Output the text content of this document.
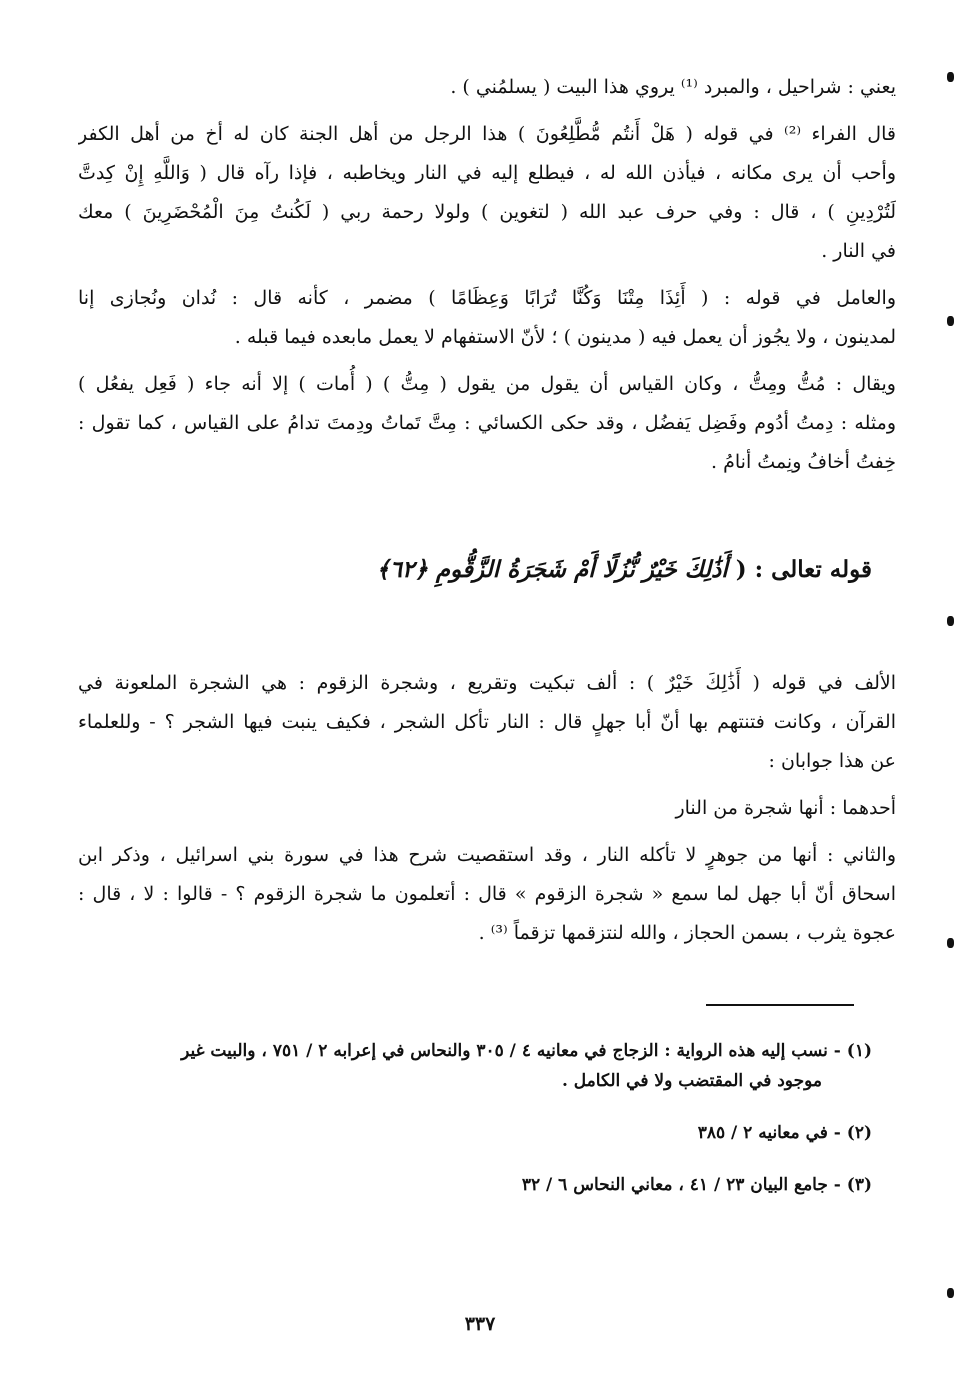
يعني : شراحيل ، والمبرد ⁽¹⁾ يروي هذا البيت ( يسلمُني ) .
قال الفراء ⁽²⁾ في قوله ( هَلْ أَنتُم مُّطَّلِعُونَ ) هذا الرجل من أهل الجنة كان له أخ من أهل الكفر
وأحب أن يرى مكانه ، فيأذن الله له ، فيطلع إليه في النار ويخاطبه ، فإذا رآه قال ( وَاللَّهِ إِنْ كِدتَّ
لَتُرْدِينِ ) ، قال : وفي حرف عبد الله ( لتغوين ) ولولا رحمة ربي ( لَكُنتُ مِنَ الْمُحْضَرِينَ ) معك
في النار .
والعامل في قوله : ( أَئِذَا مِتْنَا وَكُنَّا تُرَابًا وَعِظَامًا ) مضمر ، كأنه قال : نُدان ونُجازى إنا
لمدينون ، ولا يجُوز أن يعمل فيه ( مدينون ) ؛ لأنّ الاستفهام لا يعمل مابعده فيما قبله .
ويقال : مُتُّ ومِتُّ ، وكان القياس أن يقول من يقول ( مِتُّ ) ( أُمات ) إلا أنه جاء ( فَعِل يفعُل )
ومثله : دِمتُ أدُوم وفَضِل يَفضُل ، وقد حكى الكسائي : مِتَّ تَماتُ ودِمتَ تدامُ على القياس ، كما تقول :
خِفتُ أخافُ ونِمتُ أنامُ .
قوله تعالى : ( أَذَٰلِكَ خَيْرٌ نُّزُلًا أَمْ شَجَرَةُ الزَّقُّومِ ﴿٦٢﴾
الألف في قوله ( أَذَٰلِكَ خَيْرٌ ) : ألف تبكيت وتقريع ، وشجرة الزقوم : هي الشجرة الملعونة في
القرآن ، وكانت فتنتهم بها أنّ أبا جهلٍ قال : النار تأكل الشجر ، فكيف ينبت فيها الشجر ؟ - وللعلماء
عن هذا جوابان :
أحدهما : أنها شجرة من النار
والثاني : أنها من جوهرٍ لا تأكله النار ، وقد استقصيت شرح هذا في سورة بني اسرائيل ، وذكر ابن
اسحاق أنّ أبا جهل لما سمع « شجرة الزقوم » قال : أتعلمون ما شجرة الزقوم ؟ - قالوا : لا ، قال :
عجوة يثرب ، بسمن الحجاز ، والله لنتزقمها تزقماً ⁽³⁾ .
(١) - نسب إليه هذه الرواية : الزجاج في معانيه ٤ / ٣٠٥ والنحاس في إعرابه ٢ / ٧٥١ ، والبيت غير
موجود في المقتضب ولا في الكامل .
(٢) - في معانيه ٢ / ٣٨٥
(٣) - جامع البيان ٢٣ / ٤١ ، معاني النحاس ٦ / ٣٢
٣٣٧
